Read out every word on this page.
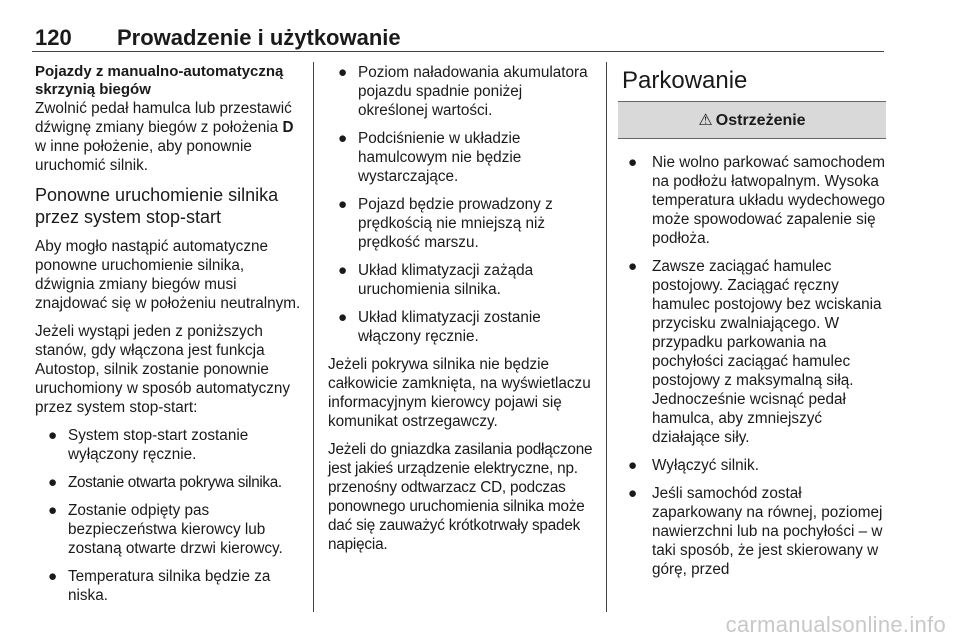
120 Prowadzenie i użytkowanie
Pojazdy z manualno-automatyczną skrzynią biegów

Zwolnić pedał hamulca lub przestawić dźwignę zmiany biegów z położenia D w inne położenie, aby ponownie uruchomić silnik.

Ponowne uruchomienie silnika przez system stop-start

Aby mogło nastąpić automatyczne ponowne uruchomienie silnika, dźwignia zmiany biegów musi znajdować się w położeniu neutralnym.

Jeżeli wystąpi jeden z poniższych stanów, gdy włączona jest funkcja Autostop, silnik zostanie ponownie uruchomiony w sposób automatyczny przez system stop-start:

● System stop-start zostanie wyłączony ręcznie.
● Zostanie otwarta pokrywa silnika.
● Zostanie odpięty pas bezpieczeństwa kierowcy lub zostaną otwarte drzwi kierowcy.
● Temperatura silnika będzie za niska.
● Poziom naładowania akumulatora pojazdu spadnie poniżej określonej wartości.
● Podciśnienie w układzie hamulcowym nie będzie wystarczające.
● Pojazd będzie prowadzony z prędkością nie mniejszą niż prędkość marszu.
● Układ klimatyzacji zażąda uruchomienia silnika.
● Układ klimatyzacji zostanie włączony ręcznie.

Jeżeli pokrywa silnika nie będzie całkowicie zamknięta, na wyświetlaczu informacyjnym kierowcy pojawi się komunikat ostrzegawczy.

Jeżeli do gniazdka zasilania podłączone jest jakieś urządzenie elektryczne, np. przenośny odtwarzacz CD, podczas ponownego uruchomienia silnika może dać się zauważyć krótkotrwały spadek napięcia.

Parkowanie
⚠ Ostrzeżenie
● Nie wolno parkować samochodem na podłożu łatwopalnym. Wysoka temperatura układu wydechowego może spowodować zapalenie się podłoża.
● Zawsze zaciągać hamulec postojowy. Zaciągać ręczny hamulec postojowy bez wciskania przycisku zwalniającego. W przypadku parkowania na pochyłości zaciągać hamulec postojowy z maksymalną siłą. Jednocześnie wcisnąć pedał hamulca, aby zmniejszyć działające siły.
● Wyłączyć silnik.
● Jeśli samochód został zaparkowany na równej, poziomej nawierzchni lub na pochyłości – w taki sposób, że jest skierowany w górę, przed
carmanualsonline.info
